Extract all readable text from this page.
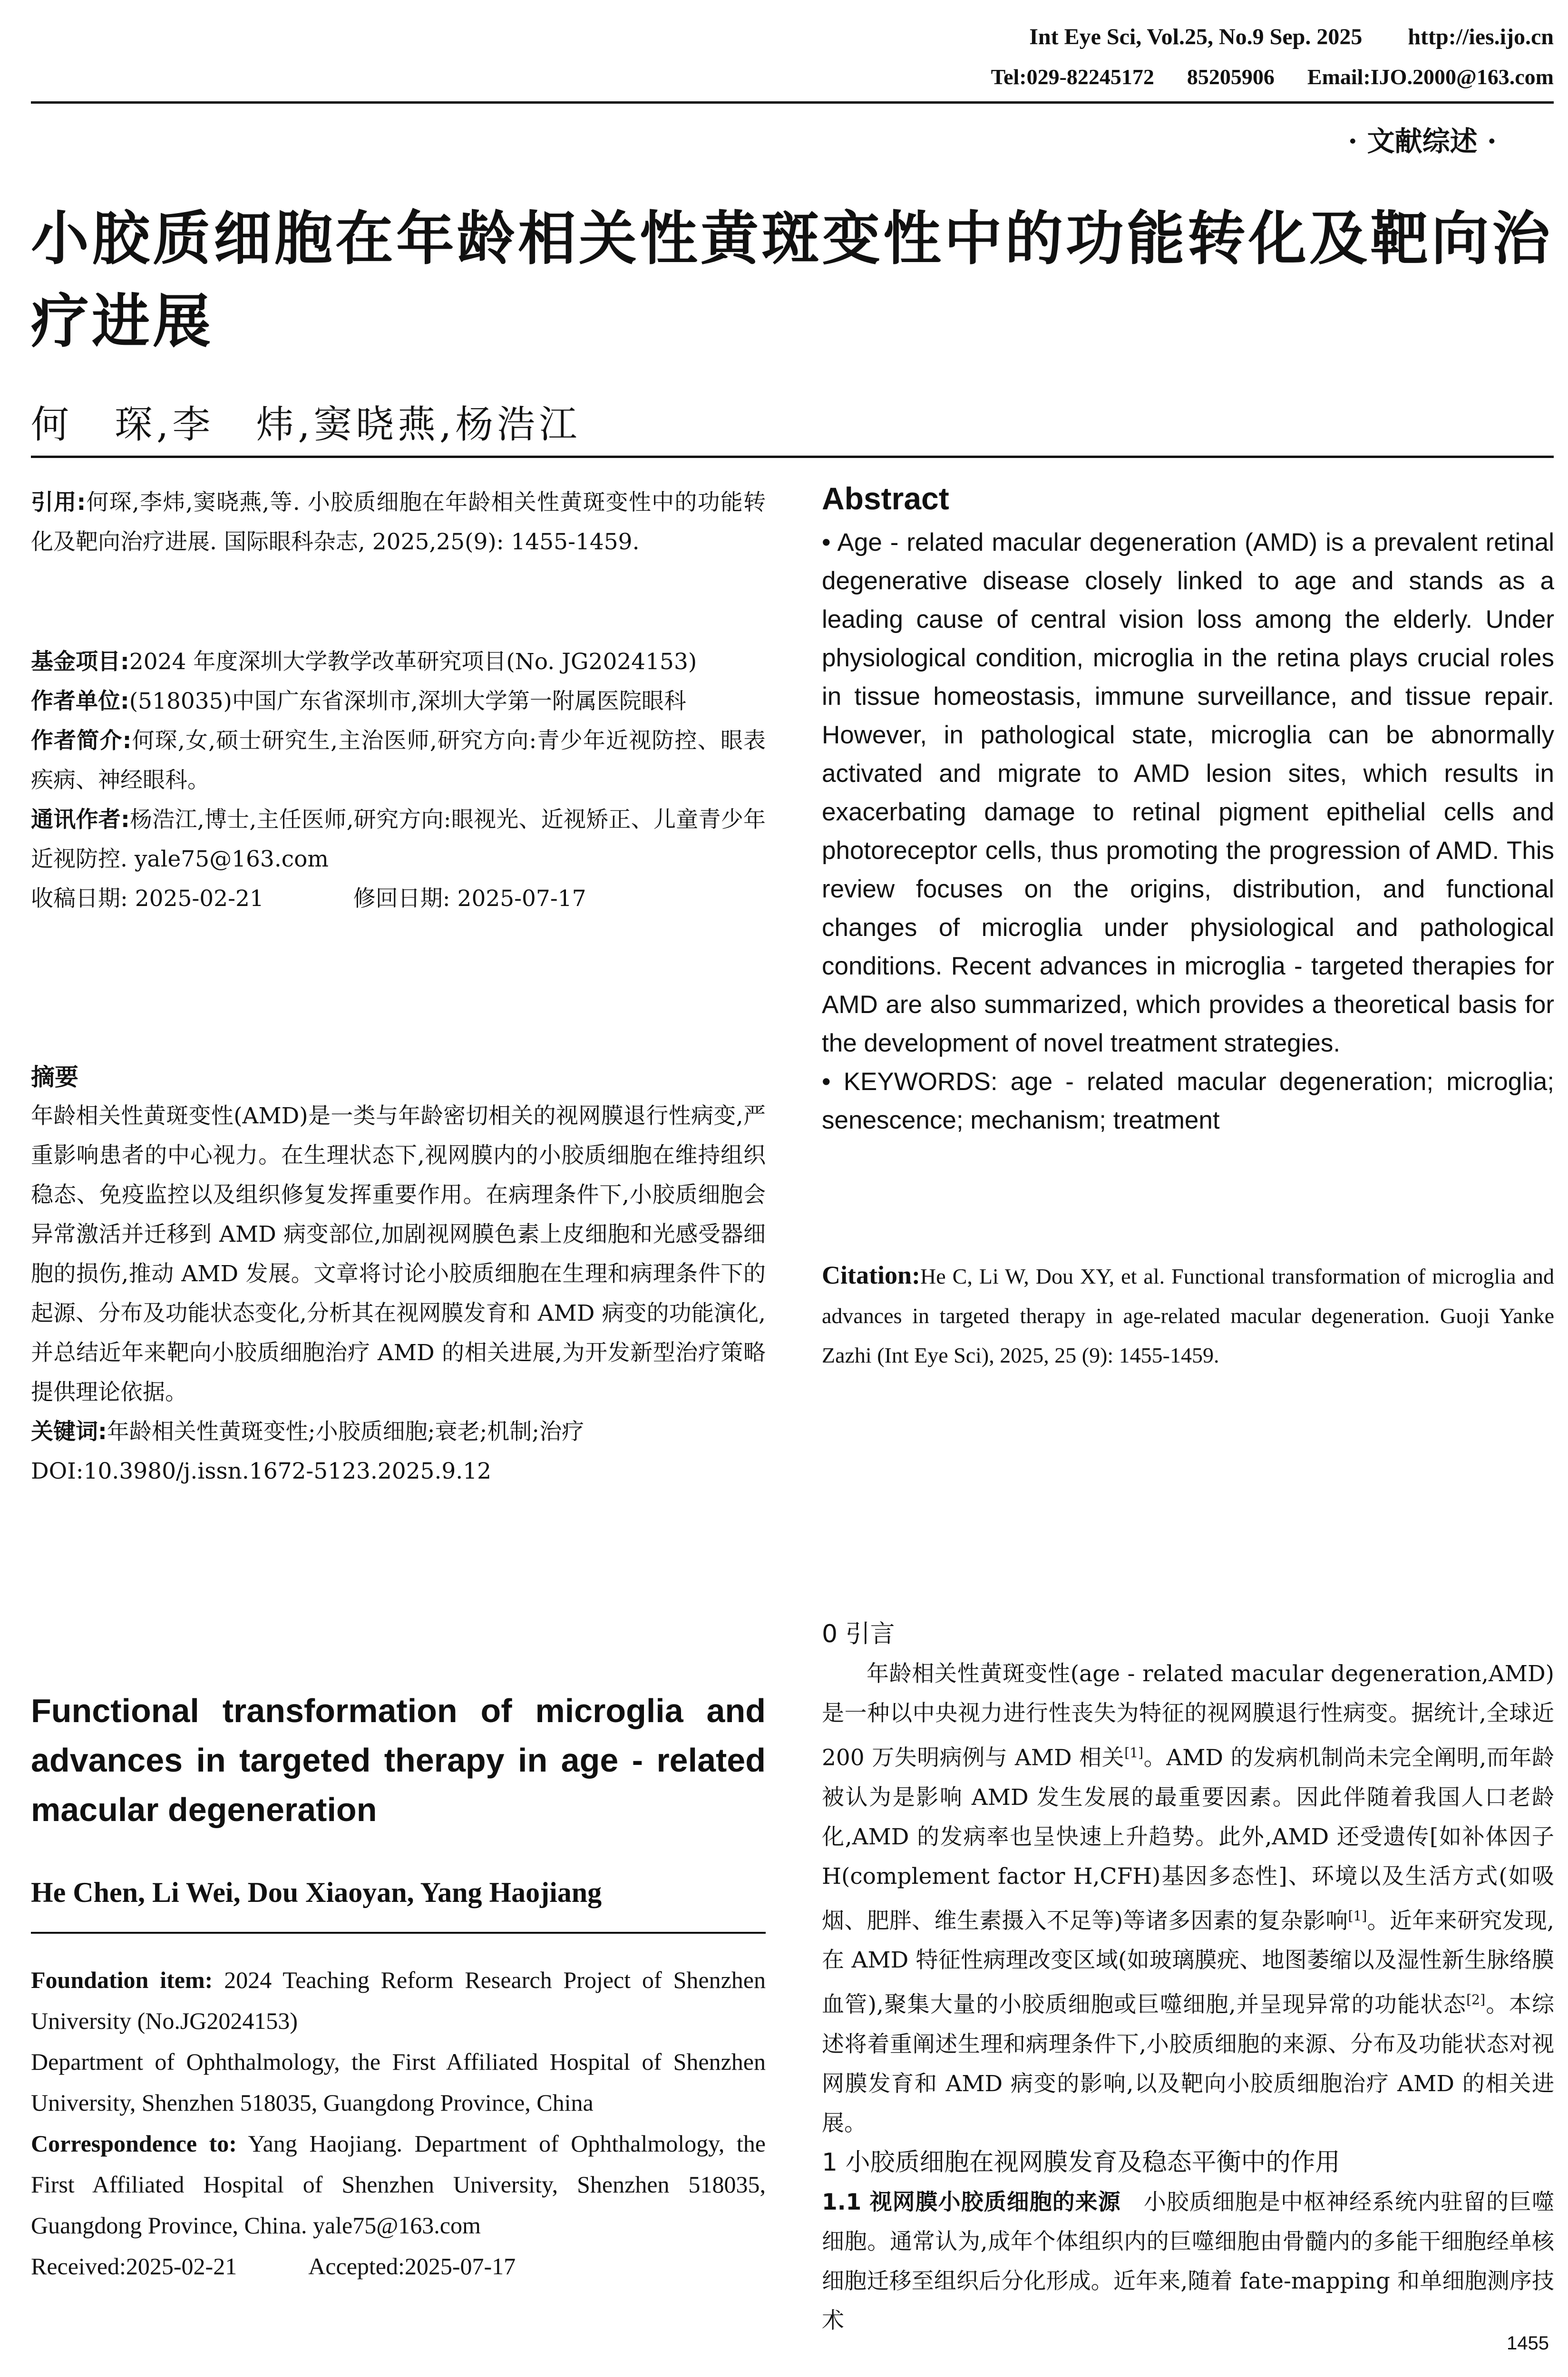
Int Eye Sci, Vol.25, No.9 Sep. 2025 http://ies.ijo.cn
Tel:029-82245172 85205906 Email:IJO.2000@163.com
· 文献综述 ·
小胶质细胞在年龄相关性黄斑变性中的功能转化及靶向治疗进展
何　琛,李　炜,窦晓燕,杨浩江

引用:何琛,李炜,窦晓燕,等. 小胶质细胞在年龄相关性黄斑变性中的功能转化及靶向治疗进展. 国际眼科杂志, 2025,25(9): 1455-1459.

基金项目:2024 年度深圳大学教学改革研究项目(No. JG2024153)

作者单位:(518035)中国广东省深圳市,深圳大学第一附属医院眼科

作者简介:何琛,女,硕士研究生,主治医师,研究方向:青少年近视防控、眼表疾病、神经眼科。

通讯作者:杨浩江,博士,主任医师,研究方向:眼视光、近视矫正、儿童青少年近视防控. yale75@163.com

收稿日期: 2025-02-21　　　　	修回日期: 2025-07-17

摘要

年龄相关性黄斑变性(AMD)是一类与年龄密切相关的视网膜退行性病变,严重影响患者的中心视力。在生理状态下,视网膜内的小胶质细胞在维持组织稳态、免疫监控以及组织修复发挥重要作用。在病理条件下,小胶质细胞会异常激活并迁移到 AMD 病变部位,加剧视网膜色素上皮细胞和光感受器细胞的损伤,推动 AMD 发展。文章将讨论小胶质细胞在生理和病理条件下的起源、分布及功能状态变化,分析其在视网膜发育和 AMD 病变的功能演化,并总结近年来靶向小胶质细胞治疗 AMD 的相关进展,为开发新型治疗策略提供理论依据。

关键词:年龄相关性黄斑变性;小胶质细胞;衰老;机制;治疗

DOI:10.3980/j.issn.1672-5123.2025.9.12

Functional transformation of microglia and advances in targeted therapy in age - related macular degeneration
He Chen, Li Wei, Dou Xiaoyan, Yang Haojiang

Foundation item: 2024 Teaching Reform Research Project of Shenzhen University (No.JG2024153)

Department of Ophthalmology, the First Affiliated Hospital of Shenzhen University, Shenzhen 518035, Guangdong Province, China

Correspondence to: Yang Haojiang. Department of Ophthalmology, the First Affiliated Hospital of Shenzhen University, Shenzhen 518035, Guangdong Province, China. yale75@163.com

Received:2025-02-21　　　	Accepted:2025-07-17

Abstract

• Age - related macular degeneration (AMD) is a prevalent retinal degenerative disease closely linked to age and stands as a leading cause of central vision loss among the elderly. Under physiological condition, microglia in the retina plays crucial roles in tissue homeostasis, immune surveillance, and tissue repair. However, in pathological state, microglia can be abnormally activated and migrate to AMD lesion sites, which results in exacerbating damage to retinal pigment epithelial cells and photoreceptor cells, thus promoting the progression of AMD. This review focuses on the origins, distribution, and functional changes of microglia under physiological and pathological conditions. Recent advances in microglia - targeted therapies for AMD are also summarized, which provides a theoretical basis for the development of novel treatment strategies.

• KEYWORDS: age - related macular degeneration; microglia; senescence; mechanism; treatment

Citation:He C, Li W, Dou XY, et al. Functional transformation of microglia and advances in targeted therapy in age-related macular degeneration. Guoji Yanke Zazhi (Int Eye Sci), 2025, 25 (9): 1455-1459.

0 引言

年龄相关性黄斑变性(age - related macular degeneration,AMD)是一种以中央视力进行性丧失为特征的视网膜退行性病变。据统计,全球近 200 万失明病例与 AMD 相关[1]。AMD 的发病机制尚未完全阐明,而年龄被认为是影响 AMD 发生发展的最重要因素。因此伴随着我国人口老龄化,AMD 的发病率也呈快速上升趋势。此外,AMD 还受遗传[如补体因子 H(complement factor H,CFH)基因多态性]、环境以及生活方式(如吸烟、肥胖、维生素摄入不足等)等诸多因素的复杂影响[1]。近年来研究发现,在 AMD 特征性病理改变区域(如玻璃膜疣、地图萎缩以及湿性新生脉络膜血管),聚集大量的小胶质细胞或巨噬细胞,并呈现异常的功能状态[2]。本综述将着重阐述生理和病理条件下,小胶质细胞的来源、分布及功能状态对视网膜发育和 AMD 病变的影响,以及靶向小胶质细胞治疗 AMD 的相关进展。

1 小胶质细胞在视网膜发育及稳态平衡中的作用

1.1 视网膜小胶质细胞的来源　 小胶质细胞是中枢神经系统内驻留的巨噬细胞。通常认为,成年个体组织内的巨噬细胞由骨髓内的多能干细胞经单核细胞迁移至组织后分化形成。近年来,随着 fate-mapping 和单细胞测序技术

1455
